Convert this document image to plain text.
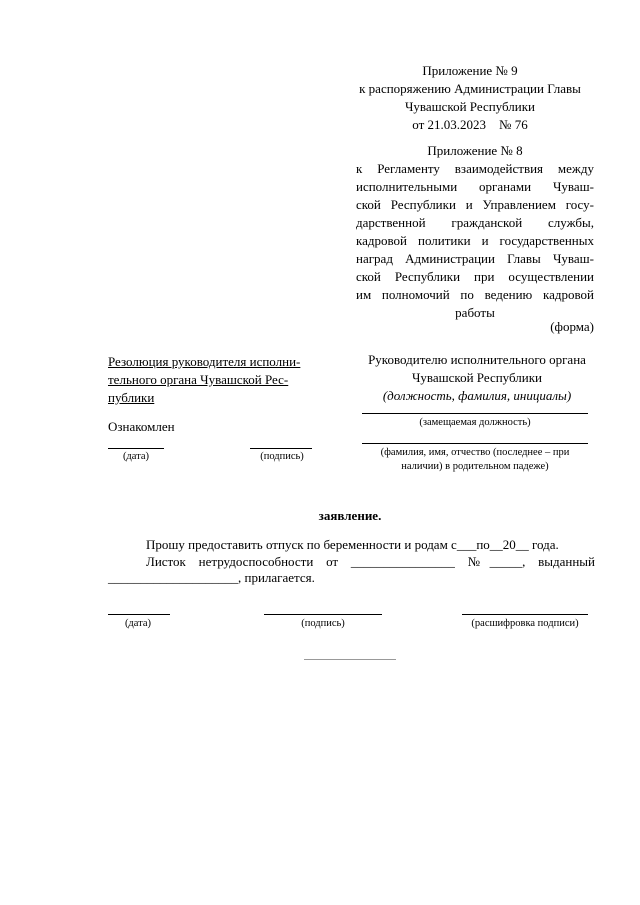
Приложение № 9
к распоряжению Администрации Главы
Чувашской Республики
от 21.03.2023    № 76
Приложение № 8
к Регламенту взаимодействия между
исполнительными органами Чуваш-
ской Республики и Управлением госу-
дарственной гражданской службы,
кадровой политики и государственных
наград Администрации Главы Чуваш-
ской Республики при осуществлении
им полномочий по ведению кадровой
работы
(форма)
Резолюция руководителя исполни-
тельного органа Чувашской Рес-
публики
Ознакомлен
(дата)	(подпись)
Руководителю исполнительного органа
Чувашской Республики
(должность, фамилия, инициалы)
(замещаемая должность)
(фамилия, имя, отчество (последнее – при
наличии) в родительном падеже)
заявление.
Прошу предоставить отпуск по беременности и родам с___по__20__ года.
Листок нетрудоспособности от ________________ №_____, выданный
____________________, прилагается.
(дата)	(подпись)	(расшифровка подписи)
